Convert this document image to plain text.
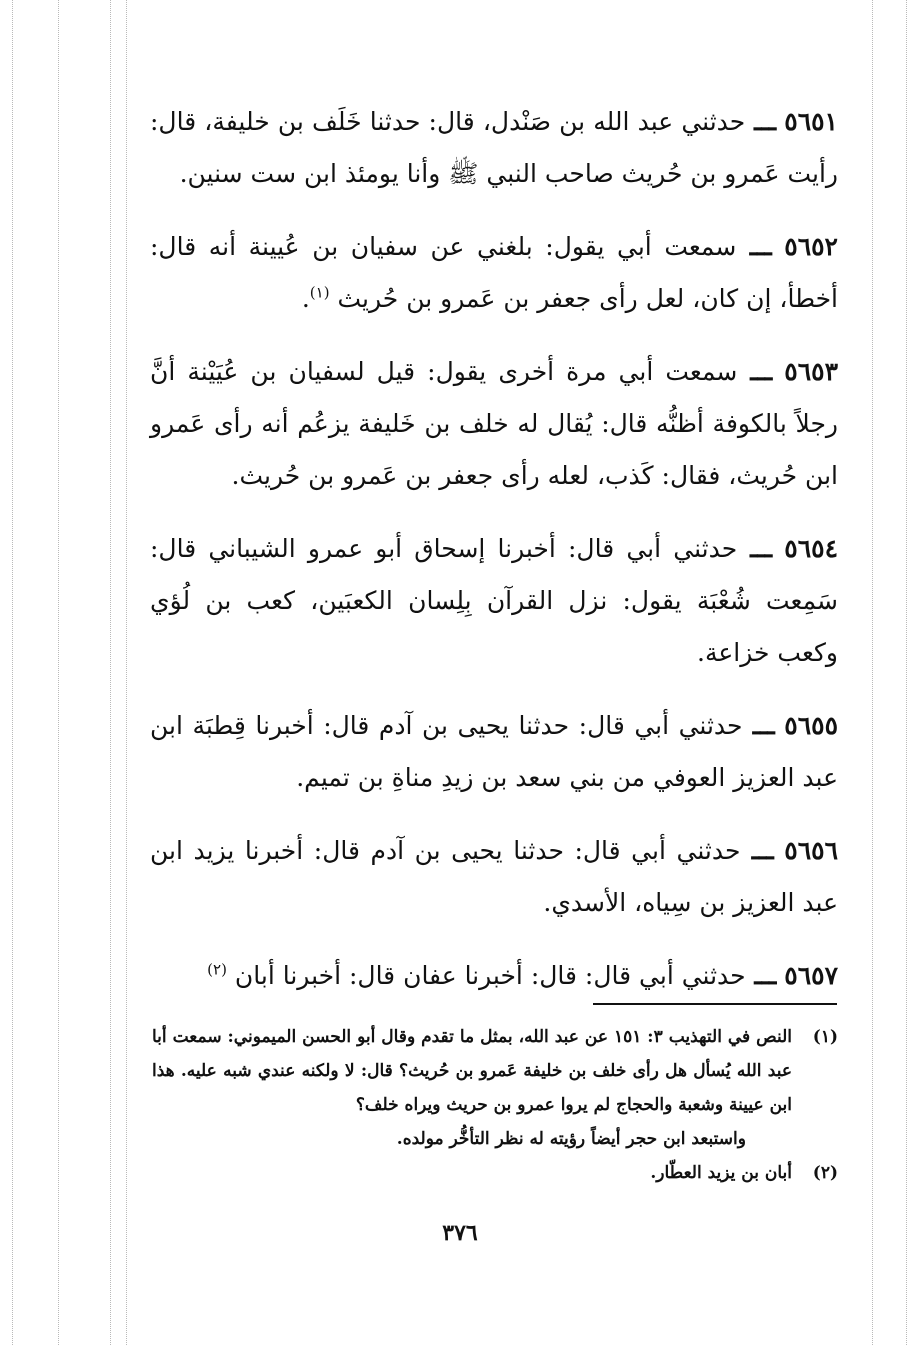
٥٦٥١ ـــ حدثني عبد الله بن صَنْدل، قال: حدثنا خَلَف بن خليفة، قال: رأيت عَمرو بن حُريث صاحب النبي ﷺ وأنا يومئذ ابن ست سنين.

٥٦٥٢ ـــ سمعت أبي يقول: بلغني عن سفيان بن عُيينة أنه قال: أخطأ، إن كان، لعل رأى جعفر بن عَمرو بن حُريث $^{(١)}$.

٥٦٥٣ ـــ سمعت أبي مرة أخرى يقول: قيل لسفيان بن عُيَيْنة أنَّ رجلاً بالكوفة أظنُّه قال: يُقال له خلف بن خَليفة يزعُم أنه رأى عَمرو ابن حُريث، فقال: كَذب، لعله رأى جعفر بن عَمرو بن حُريث.

٥٦٥٤ ـــ حدثني أبي قال: أخبرنا إسحاق أبو عمرو الشيباني قال: سَمِعت شُعْبَة يقول: نزل القرآن بِلِسان الكعبَين، كعب بن لُؤي وكعب خزاعة.

٥٦٥٥ ـــ حدثني أبي قال: حدثنا يحيى بن آدم قال: أخبرنا قِطبَة ابن عبد العزيز العوفي من بني سعد بن زيدِ مناةِ بن تميم.

٥٦٥٦ ـــ حدثني أبي قال: حدثنا يحيى بن آدم قال: أخبرنا يزيد ابن عبد العزيز بن سِياه، الأسدي.

٥٦٥٧ ـــ حدثني أبي قال: قال: أخبرنا عفان قال: أخبرنا أبان $^{(٢)}$

(١)
النص في التهذيب ٣: ١٥١ عن عبد الله، بمثل ما تقدم وقال أبو الحسن الميموني: سمعت أبا عبد الله يُسأل هل رأى خلف بن خليفة عَمرو بن حُريث؟ قال: لا ولكنه عندي شبه عليه. هذا ابن عيينة وشعبة والحجاج لم يروا عمرو بن حريث ويراه خلف؟
واستبعد ابن حجر أيضاً رؤيته له نظر التأخُّر مولده.
(٢)
أبان بن يزيد العطّار.
٣٧٦
